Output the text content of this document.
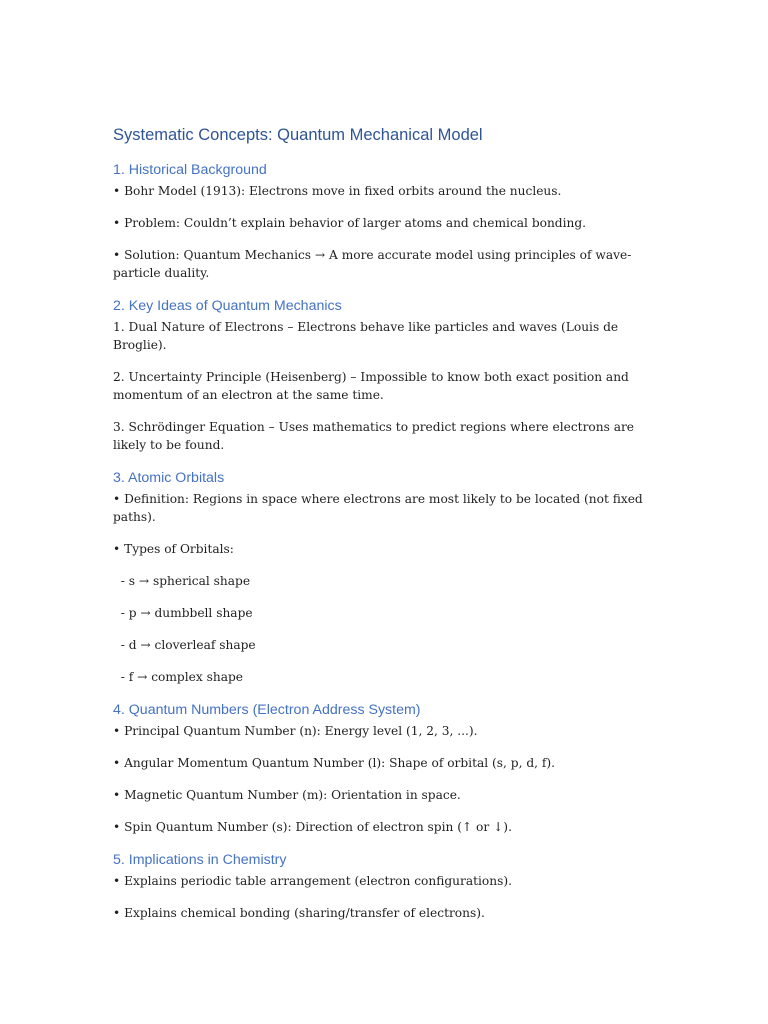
Systematic Concepts: Quantum Mechanical Model
1. Historical Background

• Bohr Model (1913): Electrons move in fixed orbits around the nucleus.

• Problem: Couldn’t explain behavior of larger atoms and chemical bonding.

• Solution: Quantum Mechanics → A more accurate model using principles of wave-particle duality.

2. Key Ideas of Quantum Mechanics

1. Dual Nature of Electrons – Electrons behave like particles and waves (Louis de Broglie).

2. Uncertainty Principle (Heisenberg) – Impossible to know both exact position and momentum of an electron at the same time.

3. Schrödinger Equation – Uses mathematics to predict regions where electrons are likely to be found.

3. Atomic Orbitals

• Definition: Regions in space where electrons are most likely to be located (not fixed paths).

• Types of Orbitals:

- s → spherical shape

- p → dumbbell shape

- d → cloverleaf shape

- f → complex shape

4. Quantum Numbers (Electron Address System)

• Principal Quantum Number (n): Energy level (1, 2, 3, ...).

• Angular Momentum Quantum Number (l): Shape of orbital (s, p, d, f).

• Magnetic Quantum Number (m): Orientation in space.

• Spin Quantum Number (s): Direction of electron spin (↑ or ↓).

5. Implications in Chemistry

• Explains periodic table arrangement (electron configurations).

• Explains chemical bonding (sharing/transfer of electrons).
